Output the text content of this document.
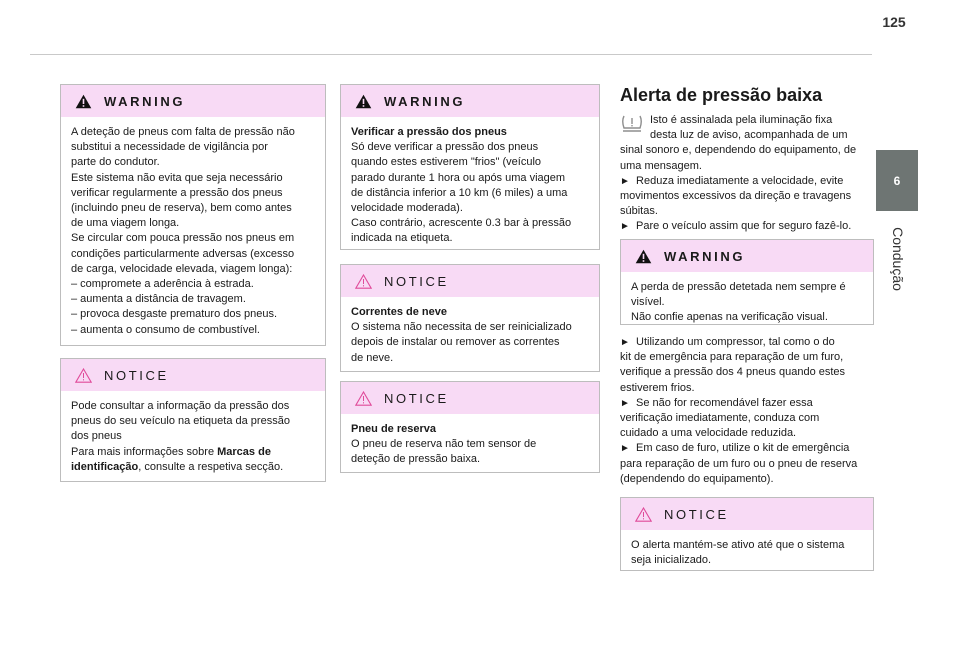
125
6
Condução
WARNING

A deteção de pneus com falta de pressão não

substitui a necessidade de vigilância por

parte do condutor.

Este sistema não evita que seja necessário

verificar regularmente a pressão dos pneus

(incluindo pneu de reserva), bem como antes

de uma viagem longa.

Se circular com pouca pressão nos pneus em

condições particularmente adversas (excesso

de carga, velocidade elevada, viagem longa):

– compromete a aderência à estrada.

– aumenta a distância de travagem.

– provoca desgaste prematuro dos pneus.

– aumenta o consumo de combustível.

NOTICE

Pode consultar a informação da pressão dos

pneus do seu veículo na etiqueta da pressão

dos pneus

Para mais informações sobre Marcas de

identificação, consulte a respetiva secção.

WARNING

Verificar a pressão dos pneus

Só deve verificar a pressão dos pneus

quando estes estiverem "frios" (veículo

parado durante 1 hora ou após uma viagem

de distância inferior a 10 km (6 miles) a uma

velocidade moderada).

Caso contrário, acrescente 0.3 bar à pressão

indicada na etiqueta.

NOTICE

Correntes de neve

O sistema não necessita de ser reinicializado

depois de instalar ou remover as correntes

de neve.

NOTICE

Pneu de reserva

O pneu de reserva não tem sensor de

deteção de pressão baixa.

Alerta de pressão baixa

Isto é assinalada pela iluminação fixa

desta luz de aviso, acompanhada de um

sinal sonoro e, dependendo do equipamento, de

uma mensagem.

► Reduza imediatamente a velocidade, evite

movimentos excessivos da direção e travagens

súbitas.

► Pare o veículo assim que for seguro fazê-lo.

WARNING

A perda de pressão detetada nem sempre é

visível.

Não confie apenas na verificação visual.

► Utilizando um compressor, tal como o do

kit de emergência para reparação de um furo,

verifique a pressão dos 4 pneus quando estes

estiverem frios.

► Se não for recomendável fazer essa

verificação imediatamente, conduza com

cuidado a uma velocidade reduzida.

► Em caso de furo, utilize o kit de emergência

para reparação de um furo ou o pneu de reserva

(dependendo do equipamento).

NOTICE

O alerta mantém-se ativo até que o sistema

seja inicializado.
